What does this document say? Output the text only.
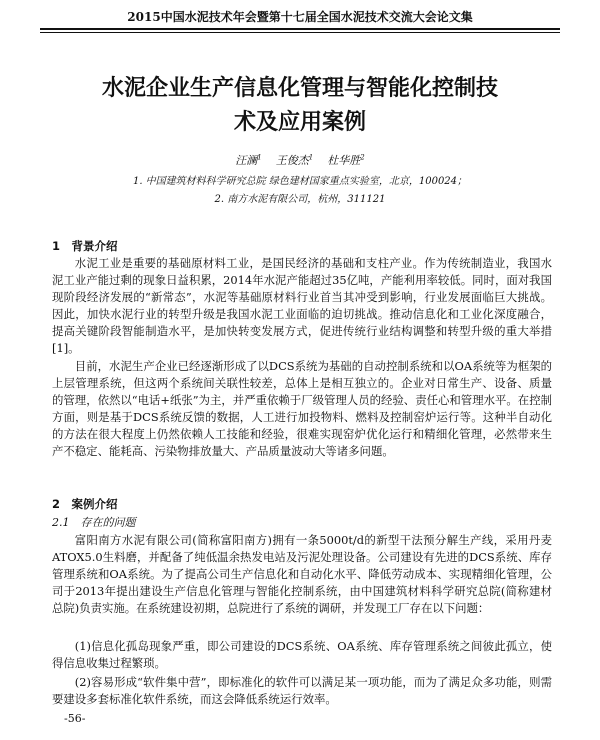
2015中国水泥技术年会暨第十七届全国水泥技术交流大会论文集
水泥企业生产信息化管理与智能化控制技
术及应用案例
汪澜$^1$ 王俊杰$^1$ 杜华胜$^2$
1. 中国建筑材料科学研究总院 绿色建材国家重点实验室，北京，100024；
2. 南方水泥有限公司，杭州，311121
1　背景介绍
水泥工业是重要的基础原材料工业，是国民经济的基础和支柱产业。作为传统制造业，我国水泥工业产能过剩的现象日益积累，2014年水泥产能超过35亿吨，产能利用率较低。同时，面对我国现阶段经济发展的“新常态”，水泥等基础原材料行业首当其冲受到影响，行业发展面临巨大挑战。因此，加快水泥行业的转型升级是我国水泥工业面临的迫切挑战。推动信息化和工业化深度融合，提高关键阶段智能制造水平，是加快转变发展方式，促进传统行业结构调整和转型升级的重大举措[1]。
目前，水泥生产企业已经逐渐形成了以DCS系统为基础的自动控制系统和以OA系统等为框架的上层管理系统，但这两个系统间关联性较差，总体上是相互独立的。企业对日常生产、设备、质量的管理，依然以“电话+纸张”为主，并严重依赖于厂级管理人员的经验、责任心和管理水平。在控制方面，则是基于DCS系统反馈的数据，人工进行加投物料、燃料及控制窑炉运行等。这种半自动化的方法在很大程度上仍然依赖人工技能和经验，很难实现窑炉优化运行和精细化管理，必然带来生产不稳定、能耗高、污染物排放量大、产品质量波动大等诸多问题。
2　案例介绍
2.1　存在的问题
富阳南方水泥有限公司(简称富阳南方)拥有一条5000t/d的新型干法预分解生产线，采用丹麦ATOX5.0生料磨，并配备了纯低温余热发电站及污泥处理设备。公司建设有先进的DCS系统、库存管理系统和OA系统。为了提高公司生产信息化和自动化水平、降低劳动成本、实现精细化管理，公司于2013年提出建设生产信息化管理与智能化控制系统，由中国建筑材料科学研究总院(简称建材总院)负责实施。在系统建设初期，总院进行了系统的调研，并发现工厂存在以下问题：
(1)信息化孤岛现象严重，即公司建设的DCS系统、OA系统、库存管理系统之间彼此孤立，使得信息收集过程繁琐。
(2)容易形成“软件集中营”，即标准化的软件可以满足某一项功能，而为了满足众多功能，则需要建设多套标准化软件系统，而这会降低系统运行效率。
-56-
